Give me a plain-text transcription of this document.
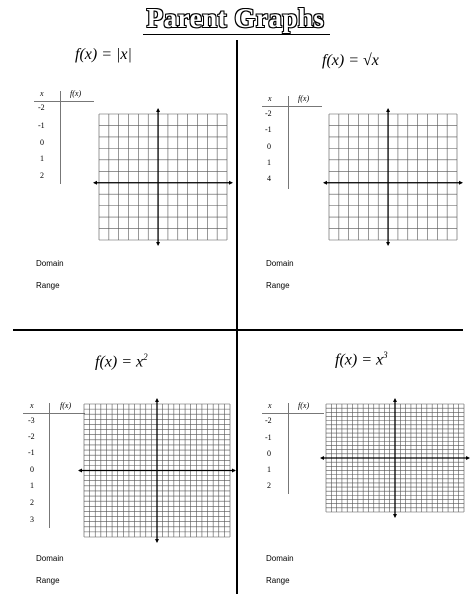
Parent Graphs
f(x) = |x|
x	f(x)
-2
-1
0
1
2
Domain
Range
f(x) = √x
x	f(x)
-2
-1
0
1
4
Domain
Range
$f(x) = x^2$
x	f(x)
-3
-2
-1
0
1
2
3
Domain
Range
$f(x) = x^3$
x	f(x)
-2
-1
0
1
2
Domain
Range
